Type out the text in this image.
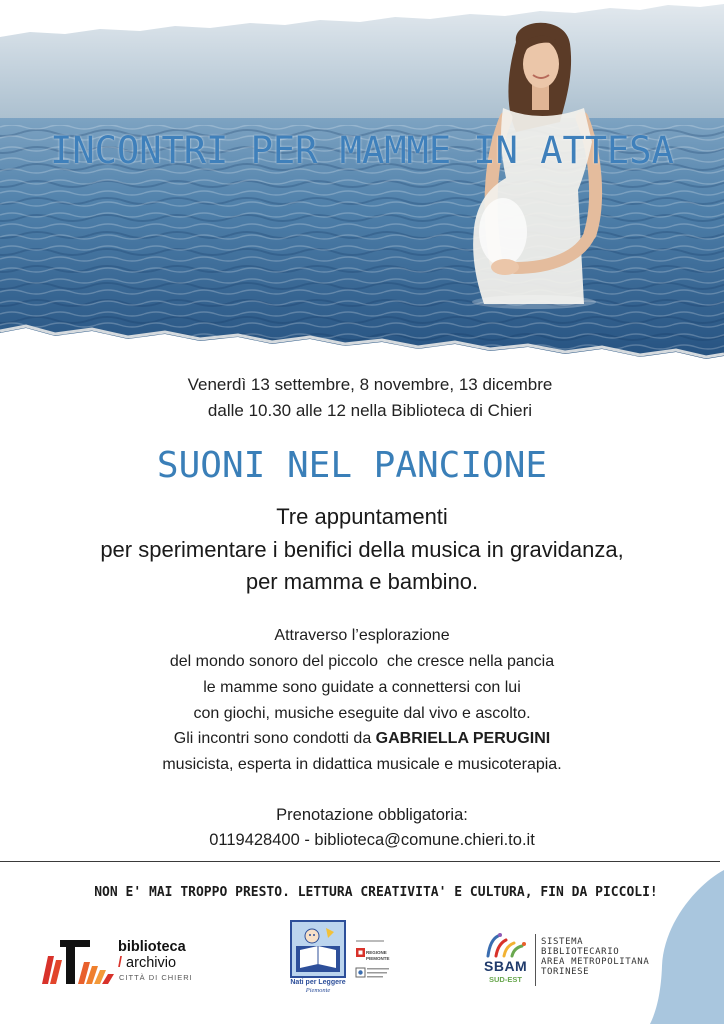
INCONTRI PER MAMME IN ATTESA
Venerdì 13 settembre, 8 novembre, 13 dicembre
dalle 10.30 alle 12 nella Biblioteca di Chieri
SUONI NEL PANCIONE
Tre appuntamenti
per sperimentare i benifici della musica in gravidanza,
per mamma e bambino.
Attraverso l’esplorazione
del mondo sonoro del piccolo  che cresce nella pancia
le mamme sono guidate a connettersi con lui
con giochi, musiche eseguite dal vivo e ascolto.
Gli incontri sono condotti da GABRIELLA PERUGINI
musicista, esperta in didattica musicale e musicoterapia.
Prenotazione obbligatoria:
0119428400 - biblioteca@comune.chieri.to.it
NON E' MAI TROPPO PRESTO. LETTURA CREATIVITA' E CULTURA, FIN DA PICCOLI!
biblioteca
/ archivio
CITTÀ DI CHIERI
Nati per Leggere
Piemonte
REGIONE
PIEMONTE	SBAM
SUD-EST
SISTEMA
BIBLIOTECARIO
AREA METROPOLITANA
TORINESE
